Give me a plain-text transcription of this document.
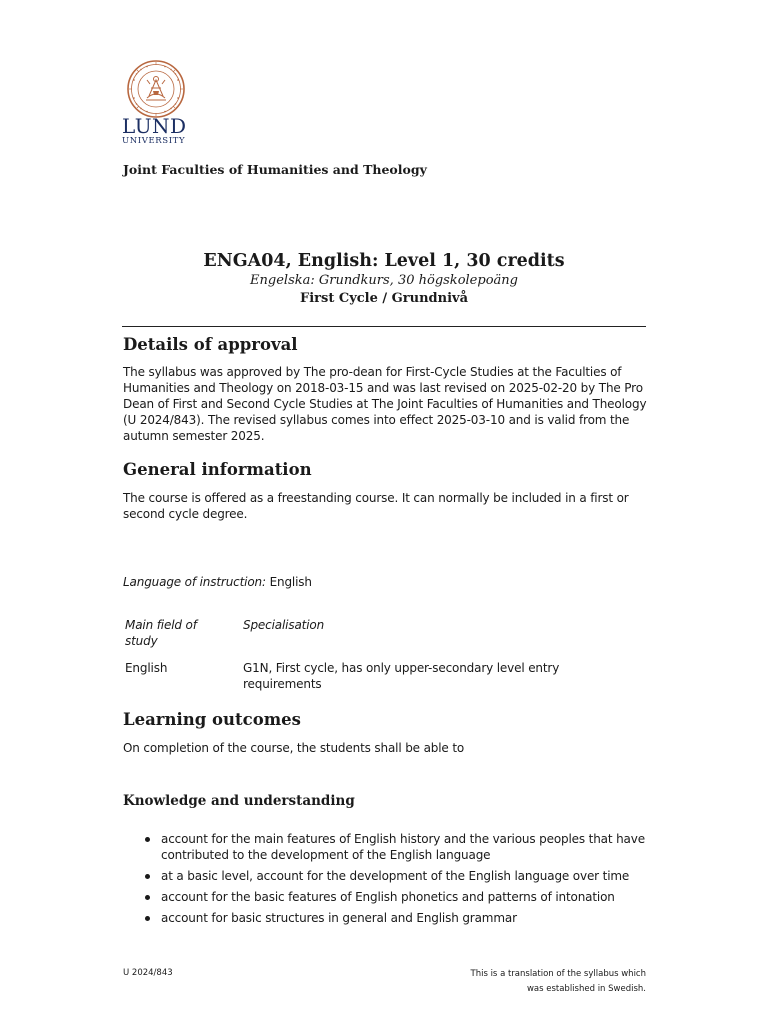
LUND
UNIVERSITY
Joint Faculties of Humanities and Theology
ENGA04, English: Level 1, 30 credits
Engelska: Grundkurs, 30 högskolepoäng
First Cycle / Grundnivå
Details of approval
The syllabus was approved by The pro-dean for First-Cycle Studies at the Faculties of Humanities and Theology on 2018-03-15 and was last revised on 2025-02-20 by The Pro Dean of First and Second Cycle Studies at The Joint Faculties of Humanities and Theology (U 2024/843). The revised syllabus comes into effect 2025-03-10 and is valid from the autumn semester 2025.
General information
The course is offered as a freestanding course. It can normally be included in a first or second cycle degree.
Language of instruction: English
Main field of study
Specialisation
English	G1N, First cycle, has only upper-secondary level entry requirements
Learning outcomes
On completion of the course, the students shall be able to
Knowledge and understanding
account for the main features of English history and the various peoples that have contributed to the development of the English language
at a basic level, account for the development of the English language over time
account for the basic features of English phonetics and patterns of intonation
account for basic structures in general and English grammar
U 2024/843	This is a translation of the syllabus which was established in Swedish.
